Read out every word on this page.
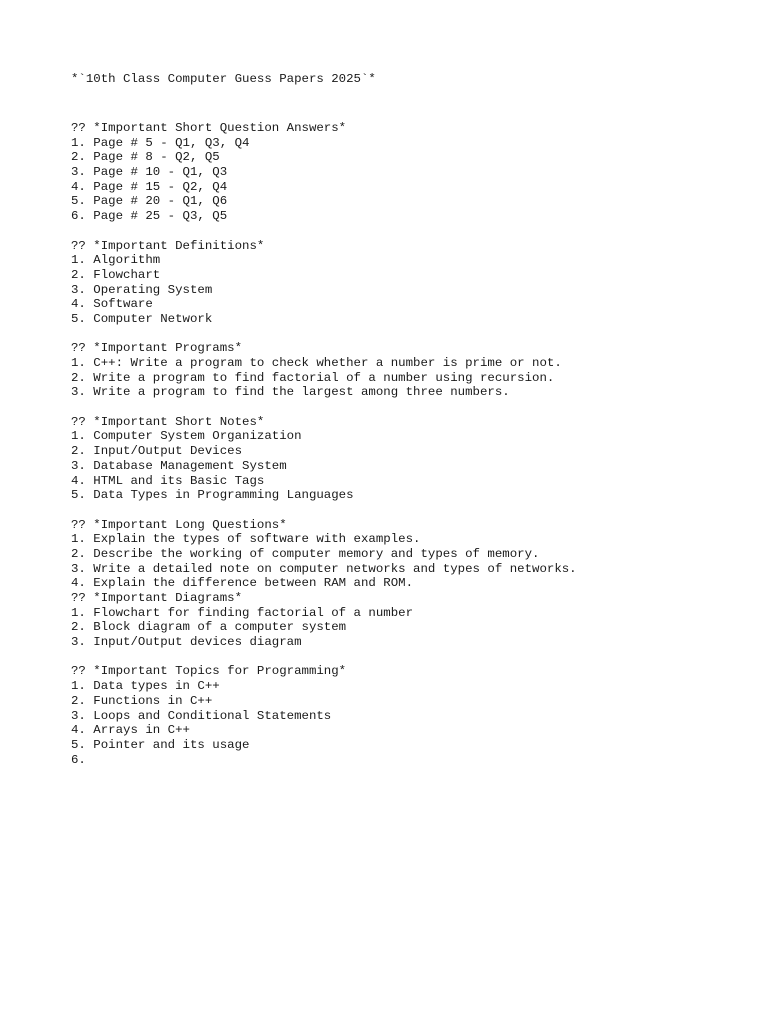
*`10th Class Computer Guess Papers 2025`*
?? *Important Short Question Answers*
1. Page # 5 - Q1, Q3, Q4
2. Page # 8 - Q2, Q5
3. Page # 10 - Q1, Q3
4. Page # 15 - Q2, Q4
5. Page # 20 - Q1, Q6
6. Page # 25 - Q3, Q5
?? *Important Definitions*
1. Algorithm
2. Flowchart
3. Operating System
4. Software
5. Computer Network
?? *Important Programs*
1. C++: Write a program to check whether a number is prime or not.
2. Write a program to find factorial of a number using recursion.
3. Write a program to find the largest among three numbers.
?? *Important Short Notes*
1. Computer System Organization
2. Input/Output Devices
3. Database Management System
4. HTML and its Basic Tags
5. Data Types in Programming Languages
?? *Important Long Questions*
1. Explain the types of software with examples.
2. Describe the working of computer memory and types of memory.
3. Write a detailed note on computer networks and types of networks.
4. Explain the difference between RAM and ROM.
?? *Important Diagrams*
1. Flowchart for finding factorial of a number
2. Block diagram of a computer system
3. Input/Output devices diagram
?? *Important Topics for Programming*
1. Data types in C++
2. Functions in C++
3. Loops and Conditional Statements
4. Arrays in C++
5. Pointer and its usage
6.
